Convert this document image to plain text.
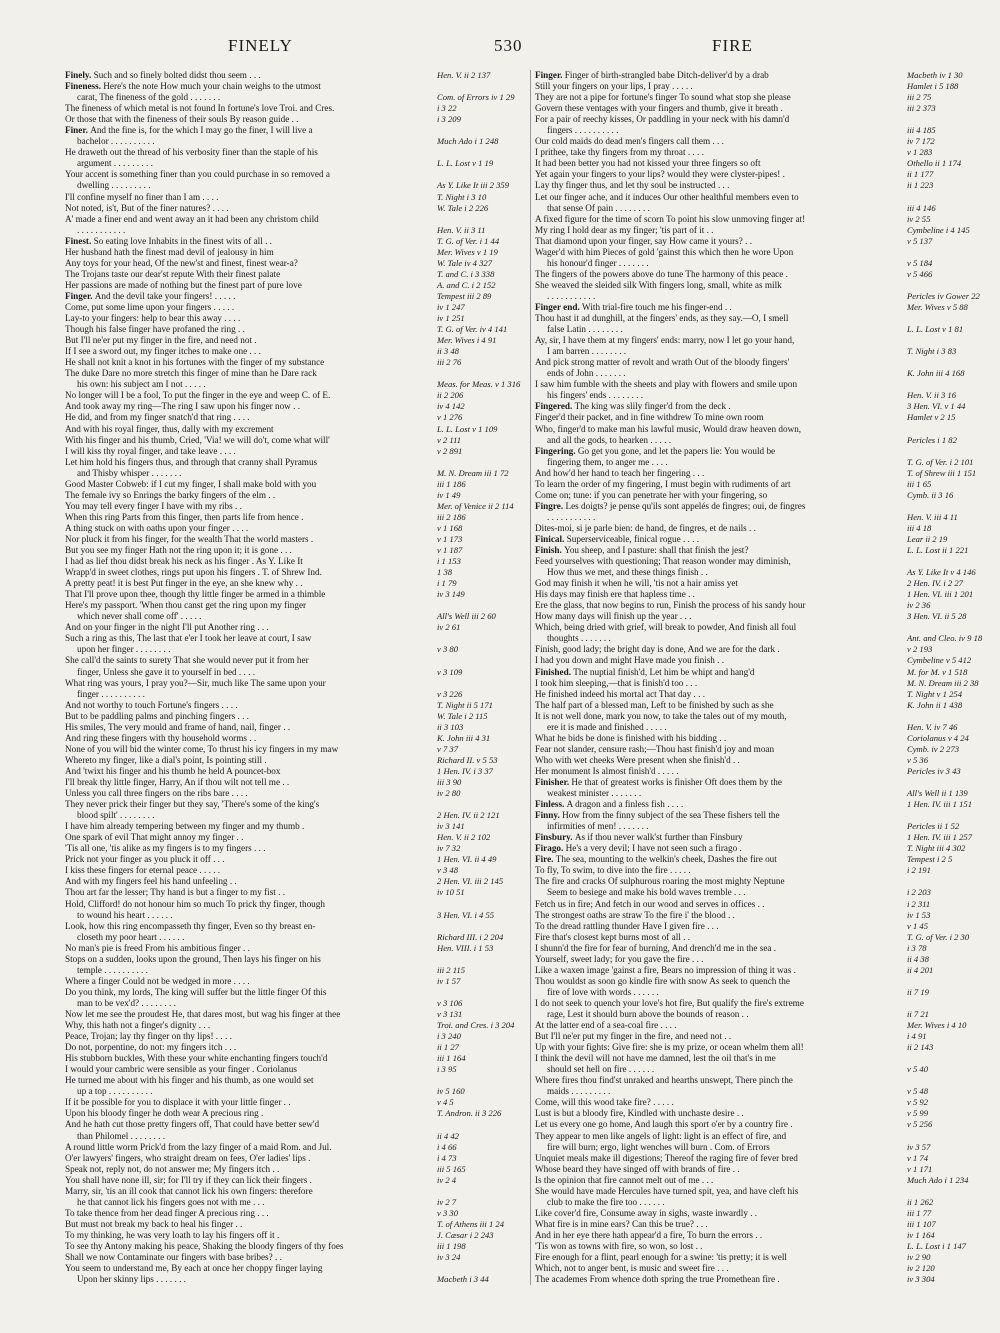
FINELY	530	FIRE
Finely. Such and so finely bolted didst thou seem . . .	Hen. V. ii 2 137
Fineness. Here's the note How much your chain weighs to the utmost
carat, The fineness of the gold . . . . . . .	Com. of Errors iv 1 29
The fineness of which metal is not found In fortune's love Troi. and Cres.	i 3 22
Or those that with the fineness of their souls By reason guide . .	i 3 209
Finer. And the fine is, for the which I may go the finer, I will live a
bachelor . . . . . . . . . .	Much Ado i 1 248
He draweth out the thread of his verbosity finer than the staple of his
argument . . . . . . . . .	L. L. Lost v 1 19
Your accent is something finer than you could purchase in so removed a
dwelling . . . . . . . . .	As Y. Like It iii 2 359
I'll confine myself no finer than I am . . . .	T. Night i 3 10
Not noted, is't, But of the finer natures? . . . .	W. Tale i 2 226
A' made a finer end and went away an it had been any christom child
. . . . . . . . . . .	Hen. V. ii 3 11
Finest. So eating love Inhabits in the finest wits of all . .	T. G. of Ver. i 1 44
Her husband hath the finest mad devil of jealousy in him	Mer. Wives v 1 19
Any toys for your head, Of the new'st and finest, finest wear-a?	W. Tale iv 4 327
The Trojans taste our dear'st repute With their finest palate	T. and C. i 3 338
Her passions are made of nothing but the finest part of pure love	A. and C. i 2 152
Finger. And the devil take your fingers! . . . . .	Tempest iii 2 89
Come, put some lime upon your fingers . . . . .	iv 1 247
Lay-to your fingers: help to bear this away . . . .	iv 1 251
Though his false finger have profaned the ring . .	T. G. of Ver. iv 4 141
But I'll ne'er put my finger in the fire, and need not .	Mer. Wives i 4 91
If I see a sword out, my finger itches to make one . . .	ii 3 48
He shall not knit a knot in his fortunes with the finger of my substance	iii 2 76
The duke Dare no more stretch this finger of mine than he Dare rack
his own: his subject am I not . . . . .	Meas. for Meas. v 1 316
No longer will I be a fool, To put the finger in the eye and weep C. of E.	ii 2 206
And took away my ring—The ring I saw upon his finger now . .	iv 4 142
He did, and from my finger snatch'd that ring . . . .	v 1 276
And with his royal finger, thus, dally with my excrement	L. L. Lost v 1 109
With his finger and his thumb, Cried, 'Via! we will do't, come what will'	v 2 111
I will kiss thy royal finger, and take leave . . . .	v 2 891
Let him hold his fingers thus, and through that cranny shall Pyramus
and Thisby whisper . . . . . . .	M. N. Dream iii 1 72
Good Master Cobweb: if I cut my finger, I shall make bold with you	iii 1 186
The female ivy so Enrings the barky fingers of the elm . .	iv 1 49
You may tell every finger I have with my ribs . .	Mer. of Venice ii 2 114
When this ring Parts from this finger, then parts life from hence .	iii 2 186
A thing stuck on with oaths upon your finger . . . .	v 1 168
Nor pluck it from his finger, for the wealth That the world masters .	v 1 173
But you see my finger Hath not the ring upon it; it is gone . . .	v 1 187
I had as lief thou didst break his neck as his finger . As Y. Like It	i 1 153
Wrapp'd in sweet clothes, rings put upon his fingers . T. of Shrew Ind.	1 38
A pretty peat! it is best Put finger in the eye, an she knew why . .	i 1 79
That I'll prove upon thee, though thy little finger be armed in a thimble	iv 3 149
Here's my passport. 'When thou canst get the ring upon my finger
which never shall come off' . . . . .	All's Well iii 2 60
And on your finger in the night I'll put Another ring . . .	iv 2 61
Such a ring as this, The last that e'er I took her leave at court, I saw
upon her finger . . . . . . . .	v 3 80
She call'd the saints to surety That she would never put it from her
finger, Unless she gave it to yourself in bed . . . .	v 3 109
What ring was yours, I pray you?—Sir, much like The same upon your
finger . . . . . . . . . .	v 3 226
And not worthy to touch Fortune's fingers . . . .	T. Night ii 5 171
But to be paddling palms and pinching fingers . . .	W. Tale i 2 115
His smiles, The very mould and frame of hand, nail, finger . .	ii 3 103
And ring these fingers with thy household worms . .	K. John iii 4 31
None of you will bid the winter come, To thrust his icy fingers in my maw	v 7 37
Whereto my finger, like a dial's point, Is pointing still .	Richard II. v 5 53
And 'twixt his finger and his thumb he held A pouncet-box	1 Hen. IV. i 3 37
I'll break thy little finger, Harry, An if thou wilt not tell me . .	iii 3 90
Unless you call three fingers on the ribs bare . . . .	iv 2 80
They never prick their finger but they say, 'There's some of the king's
blood spilt' . . . . . . . .	2 Hen. IV. ii 2 121
I have him already tempering between my finger and my thumb .	iv 3 141
One spark of evil That might annoy my finger . .	Hen. V. ii 2 102
'Tis all one, 'tis alike as my fingers is to my fingers . . .	iv 7 32
Prick not your finger as you pluck it off . . .	1 Hen. VI. ii 4 49
I kiss these fingers for eternal peace . . . . .	v 3 48
And with my fingers feel his hand unfeeling . .	2 Hen. VI. iii 2 145
Thou art far the lesser; Thy hand is but a finger to my fist . .	iv 10 51
Hold, Clifford! do not honour him so much To prick thy finger, though
to wound his heart . . . . . .	3 Hen. VI. i 4 55
Look, how this ring encompasseth thy finger, Even so thy breast en-
closeth my poor heart . . . . . .	Richard III. i 2 204
No man's pie is freed From his ambitious finger . .	Hen. VIII. i 1 53
Stops on a sudden, looks upon the ground, Then lays his finger on his
temple . . . . . . . . . .	iii 2 115
Where a finger Could not be wedged in more . . . .	iv 1 57
Do you think, my lords, The king will suffer but the little finger Of this
man to be vex'd? . . . . . . . .	v 3 106
Now let me see the proudest He, that dares most, but wag his finger at thee	v 3 131
Why, this hath not a finger's dignity . . .	Troi. and Cres. i 3 204
Peace, Trojan; lay thy finger on thy lips! . . . .	i 3 240
Do not, porpentine, do not: my fingers itch . . .	ii 1 27
His stubborn buckles, With these your white enchanting fingers touch'd	iii 1 164
I would your cambric were sensible as your finger . Coriolanus	i 3 95
He turned me about with his finger and his thumb, as one would set
up a top . . . . . . . . . .	iv 5 160
If it be possible for you to displace it with your little finger . .	v 4 5
Upon his bloody finger he doth wear A precious ring .	T. Andron. ii 3 226
And he hath cut those pretty fingers off, That could have better sew'd
than Philomel . . . . . . . .	ii 4 42
A round little worm Prick'd from the lazy finger of a maid Rom. and Jul.	i 4 66
O'er lawyers' fingers, who straight dream on fees, O'er ladies' lips .	i 4 73
Speak not, reply not, do not answer me; My fingers itch . .	iii 5 165
You shall have none ill, sir; for I'll try if they can lick their fingers .	iv 2 4
Marry, sir, 'tis an ill cook that cannot lick his own fingers: therefore
he that cannot lick his fingers goes not with me . . .	iv 2 7
To take thence from her dead finger A precious ring . . .	v 3 30
But must not break my back to heal his finger . .	T. of Athens iii 1 24
To my thinking, he was very loath to lay his fingers off it .	J. Cæsar i 2 243
To see thy Antony making his peace, Shaking the bloody fingers of thy foes	iii 1 198
Shall we now Contaminate our fingers with base bribes? . .	iv 3 24
You seem to understand me, By each at once her choppy finger laying
Upon her skinny lips . . . . . . .	Macbeth i 3 44
Finger. Finger of birth-strangled babe Ditch-deliver'd by a drab	Macbeth iv 1 30
Still your fingers on your lips, I pray . . . . .	Hamlet i 5 188
They are not a pipe for fortune's finger To sound what stop she please	iii 2 75
Govern these ventages with your fingers and thumb, give it breath .	iii 2 373
For a pair of reechy kisses, Or paddling in your neck with his damn'd
fingers . . . . . . . . . .	iii 4 185
Our cold maids do dead men's fingers call them . . .	iv 7 172
I prithee, take thy fingers from my throat . . . .	v 1 283
It had been better you had not kissed your three fingers so oft	Othello ii 1 174
Yet again your fingers to your lips? would they were clyster-pipes! .	ii 1 177
Lay thy finger thus, and let thy soul be instructed . . .	ii 1 223
Let our finger ache, and it induces Our other healthful members even to
that sense Of pain . . . . . . . .	iii 4 146
A fixed figure for the time of scorn To point his slow unmoving finger at!	iv 2 55
My ring I hold dear as my finger; 'tis part of it . .	Cymbeline i 4 145
That diamond upon your finger, say How came it yours? . .	v 5 137
Wager'd with him Pieces of gold 'gainst this which then he wore Upon
his honour'd finger . . . . . . .	v 5 184
The fingers of the powers above do tune The harmony of this peace .	v 5 466
She weaved the sleided silk With fingers long, small, white as milk
. . . . . . . . . . .	Pericles iv Gower 22
Finger end. With trial-fire touch me his finger-end . .	Mer. Wives v 5 88
Thou hast it ad dunghill, at the fingers' ends, as they say.—O, I smell
false Latin . . . . . . . .	L. L. Lost v 1 81
Ay, sir, I have them at my fingers' ends: marry, now I let go your hand,
I am barren . . . . . . . .	T. Night i 3 83
And pick strong matter of revolt and wrath Out of the bloody fingers'
ends of John . . . . . . .	K. John iii 4 168
I saw him fumble with the sheets and play with flowers and smile upon
his fingers' ends . . . . . . . .	Hen. V. ii 3 16
Fingered. The king was slily finger'd from the deck .	3 Hen. VI. v 1 44
Finger'd their packet, and in fine withdrew To mine own room	Hamlet v 2 15
Who, finger'd to make man his lawful music, Would draw heaven down,
and all the gods, to hearken . . . . .	Pericles i 1 82
Fingering. Go get you gone, and let the papers lie: You would be
fingering them, to anger me . . . .	T. G. of Ver. i 2 101
And how'd her hand to teach her fingering . . .	T. of Shrew iii 1 151
To learn the order of my fingering, I must begin with rudiments of art	iii 1 65
Come on; tune: if you can penetrate her with your fingering, so	Cymb. ii 3 16
Fingre. Les doigts? je pense qu'ils sont appelés de fingres; oui, de fingres
. . . . . . . . . . .	Hen. V. iii 4 11
Dites-moi, si je parle bien: de hand, de fingres, et de nails . .	iii 4 18
Finical. Superserviceable, finical rogue . . . .	Lear ii 2 19
Finish. You sheep, and I pasture: shall that finish the jest?	L. L. Lost ii 1 221
Feed yourselves with questioning; That reason wonder may diminish,
How thus we met, and these things finish . .	As Y. Like It v 4 146
God may finish it when he will, 'tis not a hair amiss yet	2 Hen. IV. i 2 27
His days may finish ere that hapless time . .	1 Hen. VI. iii 1 201
Ere the glass, that now begins to run, Finish the process of his sandy hour	iv 2 36
How many days will finish up the year . . .	3 Hen. VI. ii 5 28
Which, being dried with grief, will break to powder, And finish all foul
thoughts . . . . . . .	Ant. and Cleo. iv 9 18
Finish, good lady; the bright day is done, And we are for the dark .	v 2 193
I had you down and might Have made you finish . .	Cymbeline v 5 412
Finished. The nuptial finish'd, Let him be whipt and hang'd	M. for M. v 1 518
I took him sleeping,—that is finish'd too . . .	M. N. Dream iii 2 38
He finished indeed his mortal act That day . . .	T. Night v 1 254
The half part of a blessed man, Left to be finished by such as she	K. John ii 1 438
It is not well done, mark you now, to take the tales out of my mouth,
ere it is made and finished . . . . .	Hen. V. iv 7 46
What he bids be done is finished with his bidding . .	Coriolanus v 4 24
Fear not slander, censure rash;—Thou hast finish'd joy and moan	Cymb. iv 2 273
Who with wet cheeks Were present when she finish'd . .	v 5 36
Her monument Is almost finish'd . . . . .	Pericles iv 3 43
Finisher. He that of greatest works is finisher Oft does them by the
weakest minister . . . . . . .	All's Well ii 1 139
Finless. A dragon and a finless fish . . . .	1 Hen. IV. iii 1 151
Finny. How from the finny subject of the sea These fishers tell the
infirmities of men! . . . . . . .	Pericles ii 1 52
Finsbury. As if thou never walk'st further than Finsbury	1 Hen. IV. iii 1 257
Firago. He's a very devil; I have not seen such a firago .	T. Night iii 4 302
Fire. The sea, mounting to the welkin's cheek, Dashes the fire out	Tempest i 2 5
To fly, To swim, to dive into the fire . . . . .	i 2 191
The fire and cracks Of sulphurous roaring the most mighty Neptune
Seem to besiege and make his bold waves tremble . . .	i 2 203
Fetch us in fire; And fetch in our wood and serves in offices . .	i 2 311
The strongest oaths are straw To the fire i' the blood . .	iv 1 53
To the dread rattling thunder Have I given fire . . .	v 1 45
Fire that's closest kept burns most of all . .	T. G. of Ver. i 2 30
I shunn'd the fire for fear of burning, And drench'd me in the sea .	i 3 78
Yourself, sweet lady; for you gave the fire . . .	ii 4 38
Like a waxen image 'gainst a fire, Bears no impression of thing it was .	ii 4 201
Thou wouldst as soon go kindle fire with snow As seek to quench the
fire of love with words . . . . . .	ii 7 19
I do not seek to quench your love's hot fire, But qualify the fire's extreme
rage, Lest it should burn above the bounds of reason . .	ii 7 21
At the latter end of a sea-coal fire . . . .	Mer. Wives i 4 10
But I'll ne'er put my finger in the fire, and need not . .	i 4 91
Up with your fights: Give fire: she is my prize, or ocean whelm them all!	ii 2 143
I think the devil will not have me damned, lest the oil that's in me
should set hell on fire . . . . . .	v 5 40
Where fires thou find'st unraked and hearths unswept, There pinch the
maids . . . . . . . . .	v 5 48
Come, will this wood take fire? . . . . .	v 5 92
Lust is but a bloody fire, Kindled with unchaste desire . .	v 5 99
Let us every one go home, And laugh this sport o'er by a country fire .	v 5 256
They appear to men like angels of light: light is an effect of fire, and
fire will burn; ergo, light wenches will burn . Com. of Errors	iv 3 57
Unquiet meals make ill digestions; Thereof the raging fire of fever bred	v 1 74
Whose beard they have singed off with brands of fire . .	v 1 171
Is the opinion that fire cannot melt out of me . . .	Much Ado i 1 234
She would have made Hercules have turned spit, yea, and have cleft his
club to make the fire too . . . . . .	ii 1 262
Like cover'd fire, Consume away in sighs, waste inwardly . .	iii 1 77
What fire is in mine ears? Can this be true? . . .	iii 1 107
And in her eye there hath appear'd a fire, To burn the errors . .	iv 1 164
'Tis won as towns with fire, so won, so lost . .	L. L. Lost i 1 147
Fire enough for a flint, pearl enough for a swine: 'tis pretty; it is well	iv 2 90
Which, not to anger bent, is music and sweet fire . . .	iv 2 120
The academes From whence doth spring the true Promethean fire .	iv 3 304
